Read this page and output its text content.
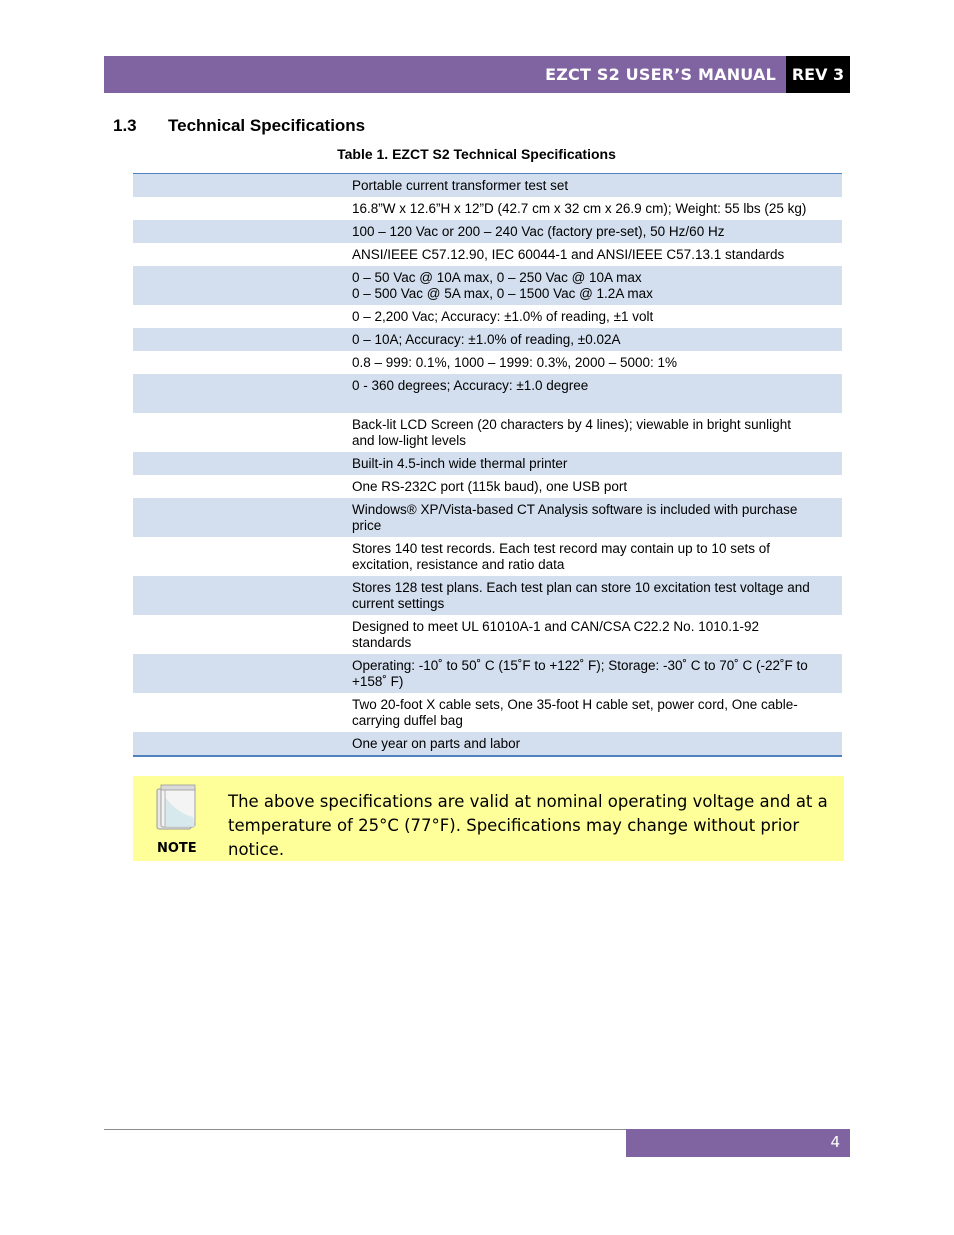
EZCT S2 USER’S MANUAL REV 3
1.3 Technical Specifications
Table 1. EZCT S2 Technical Specifications
Portable current transformer test set
16.8”W x 12.6”H x 12”D (42.7 cm x 32 cm x 26.9 cm); Weight: 55 lbs (25 kg)
100 – 120 Vac or 200 – 240 Vac (factory pre-set), 50 Hz/60 Hz
ANSI/IEEE C57.12.90, IEC 60044-1 and ANSI/IEEE C57.13.1 standards
0 – 50 Vac @ 10A max, 0 – 250 Vac @ 10A max
0 – 500 Vac @ 5A max, 0 – 1500 Vac @ 1.2A max
0 – 2,200 Vac; Accuracy: ±1.0% of reading, ±1 volt
0 – 10A; Accuracy: ±1.0% of reading, ±0.02A
0.8 – 999: 0.1%, 1000 – 1999: 0.3%, 2000 – 5000: 1%
0 - 360 degrees; Accuracy: ±1.0 degree
Back-lit LCD Screen (20 characters by 4 lines); viewable in bright sunlight
and low-light levels
Built-in 4.5-inch wide thermal printer
One RS-232C port (115k baud), one USB port
Windows® XP/Vista-based CT Analysis software is included with purchase
price
Stores 140 test records. Each test record may contain up to 10 sets of
excitation, resistance and ratio data
Stores 128 test plans. Each test plan can store 10 excitation test voltage and
current settings
Designed to meet UL 61010A-1 and CAN/CSA C22.2 No. 1010.1-92
standards
Operating: -10˚ to 50˚ C (15˚F to +122˚ F); Storage: -30˚ C to 70˚ C (-22˚F to
+158˚ F)
Two 20-foot X cable sets, One 35-foot H cable set, power cord, One cable-
carrying duffel bag
One year on parts and labor
NOTE
The above specifications are valid at nominal operating voltage and at a temperature of 25°C (77°F). Specifications may change without prior notice.
4
